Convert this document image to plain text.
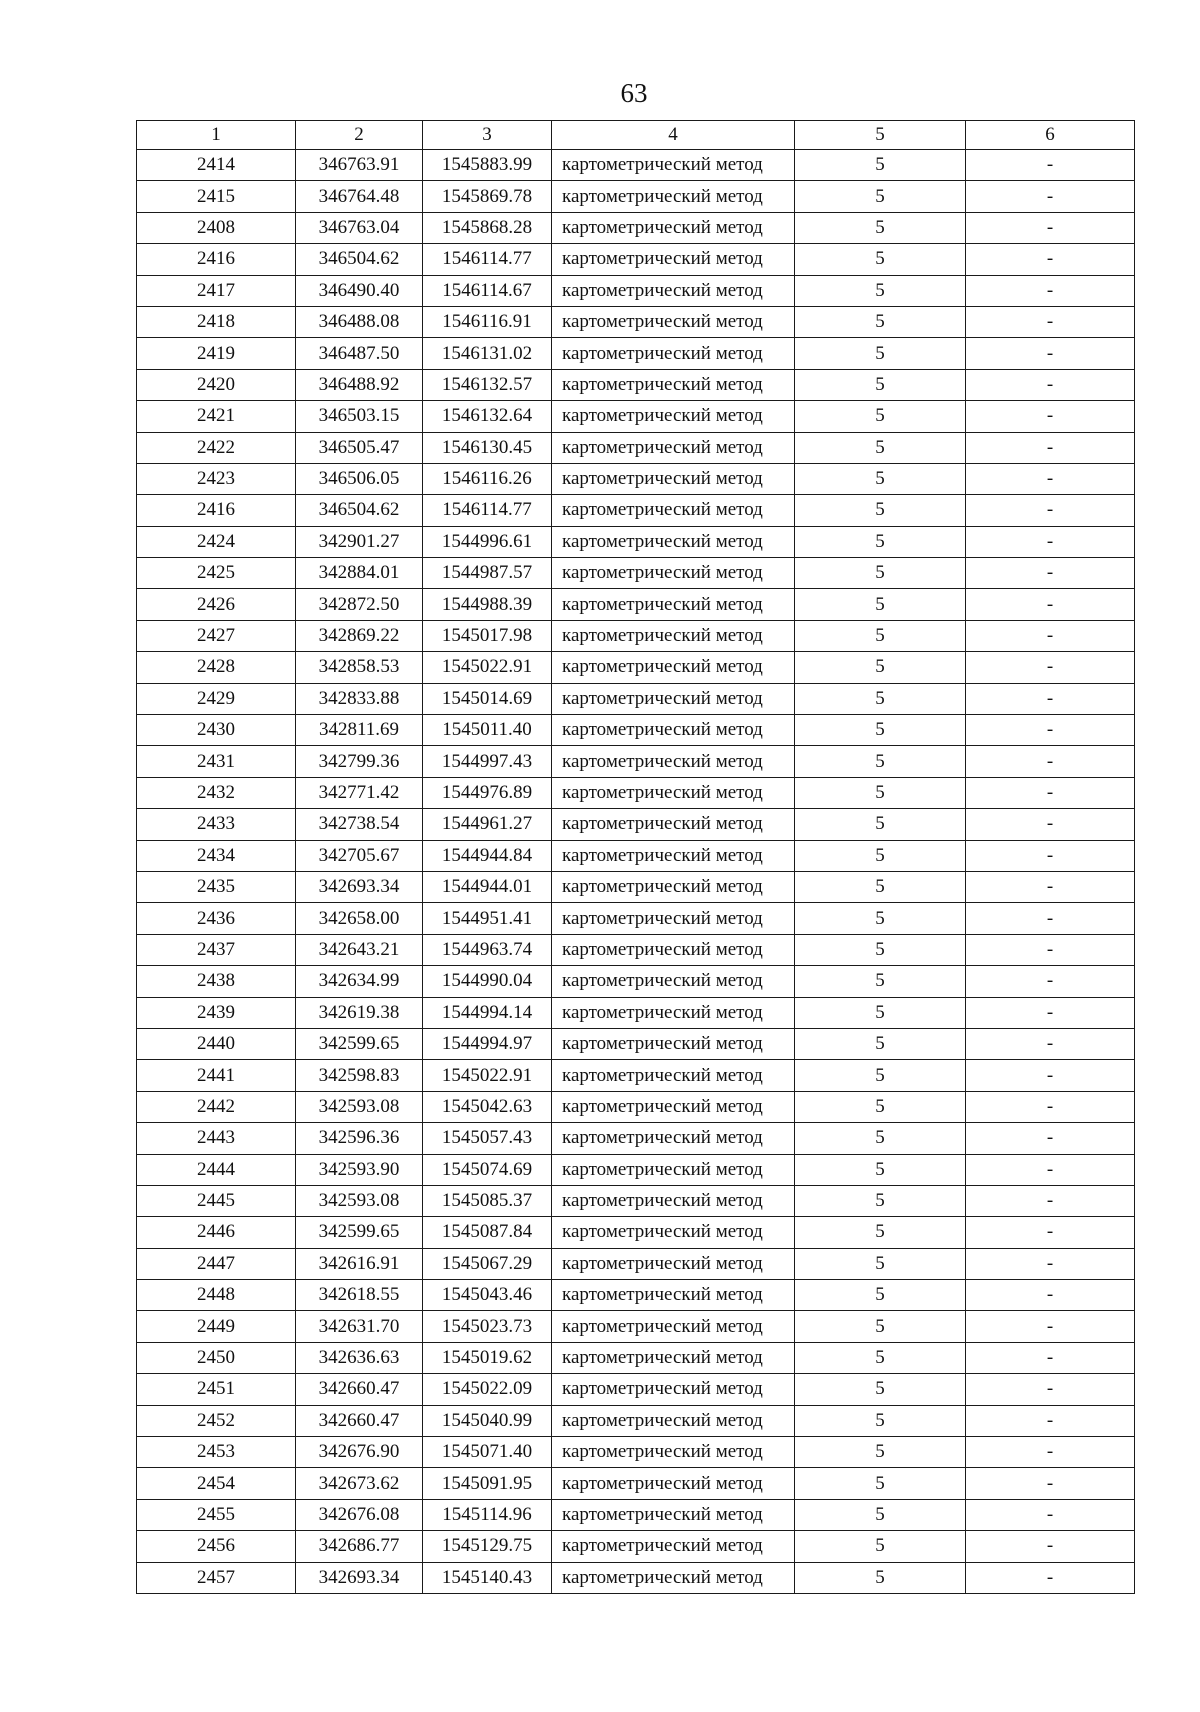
63
1	2	3	4	5	6
2414	346763.91	1545883.99	картометрический метод	5	-
2415	346764.48	1545869.78	картометрический метод	5	-
2408	346763.04	1545868.28	картометрический метод	5	-
2416	346504.62	1546114.77	картометрический метод	5	-
2417	346490.40	1546114.67	картометрический метод	5	-
2418	346488.08	1546116.91	картометрический метод	5	-
2419	346487.50	1546131.02	картометрический метод	5	-
2420	346488.92	1546132.57	картометрический метод	5	-
2421	346503.15	1546132.64	картометрический метод	5	-
2422	346505.47	1546130.45	картометрический метод	5	-
2423	346506.05	1546116.26	картометрический метод	5	-
2416	346504.62	1546114.77	картометрический метод	5	-
2424	342901.27	1544996.61	картометрический метод	5	-
2425	342884.01	1544987.57	картометрический метод	5	-
2426	342872.50	1544988.39	картометрический метод	5	-
2427	342869.22	1545017.98	картометрический метод	5	-
2428	342858.53	1545022.91	картометрический метод	5	-
2429	342833.88	1545014.69	картометрический метод	5	-
2430	342811.69	1545011.40	картометрический метод	5	-
2431	342799.36	1544997.43	картометрический метод	5	-
2432	342771.42	1544976.89	картометрический метод	5	-
2433	342738.54	1544961.27	картометрический метод	5	-
2434	342705.67	1544944.84	картометрический метод	5	-
2435	342693.34	1544944.01	картометрический метод	5	-
2436	342658.00	1544951.41	картометрический метод	5	-
2437	342643.21	1544963.74	картометрический метод	5	-
2438	342634.99	1544990.04	картометрический метод	5	-
2439	342619.38	1544994.14	картометрический метод	5	-
2440	342599.65	1544994.97	картометрический метод	5	-
2441	342598.83	1545022.91	картометрический метод	5	-
2442	342593.08	1545042.63	картометрический метод	5	-
2443	342596.36	1545057.43	картометрический метод	5	-
2444	342593.90	1545074.69	картометрический метод	5	-
2445	342593.08	1545085.37	картометрический метод	5	-
2446	342599.65	1545087.84	картометрический метод	5	-
2447	342616.91	1545067.29	картометрический метод	5	-
2448	342618.55	1545043.46	картометрический метод	5	-
2449	342631.70	1545023.73	картометрический метод	5	-
2450	342636.63	1545019.62	картометрический метод	5	-
2451	342660.47	1545022.09	картометрический метод	5	-
2452	342660.47	1545040.99	картометрический метод	5	-
2453	342676.90	1545071.40	картометрический метод	5	-
2454	342673.62	1545091.95	картометрический метод	5	-
2455	342676.08	1545114.96	картометрический метод	5	-
2456	342686.77	1545129.75	картометрический метод	5	-
2457	342693.34	1545140.43	картометрический метод	5	-
